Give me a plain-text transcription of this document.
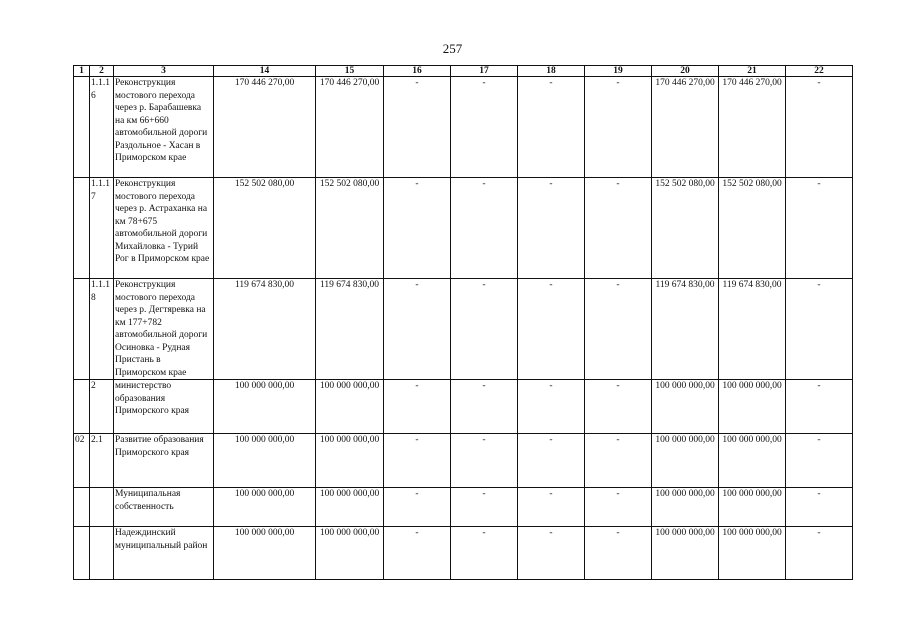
257
1	2	3	14	15	16	17	18	19	20	21	22
	1.1.16	Реконструкция мостового перехода через р. Барабашевка на км 66+660 автомобильной дороги Раздольное - Хасан в Приморском крае	170 446 270,00	170 446 270,00	-	-	-	-	170 446 270,00	170 446 270,00	-
	1.1.17	Реконструкция мостового перехода через р. Астраханка на км 78+675 автомобильной дороги Михайловка - Турий Рог в Приморском крае	152 502 080,00	152 502 080,00	-	-	-	-	152 502 080,00	152 502 080,00	-
	1.1.18	Реконструкция мостового перехода через р. Дегтяревка на км 177+782 автомобильной дороги Осиновка - Рудная Пристань в Приморском крае	119 674 830,00	119 674 830,00	-	-	-	-	119 674 830,00	119 674 830,00	-
	2	министерство образования Приморского края	100 000 000,00	100 000 000,00	-	-	-	-	100 000 000,00	100 000 000,00	-
02	2.1	Развитие образования Приморского края	100 000 000,00	100 000 000,00	-	-	-	-	100 000 000,00	100 000 000,00	-
		Муниципальная собственность	100 000 000,00	100 000 000,00	-	-	-	-	100 000 000,00	100 000 000,00	-
		Надеждинский муниципальный район	100 000 000,00	100 000 000,00	-	-	-	-	100 000 000,00	100 000 000,00	-
